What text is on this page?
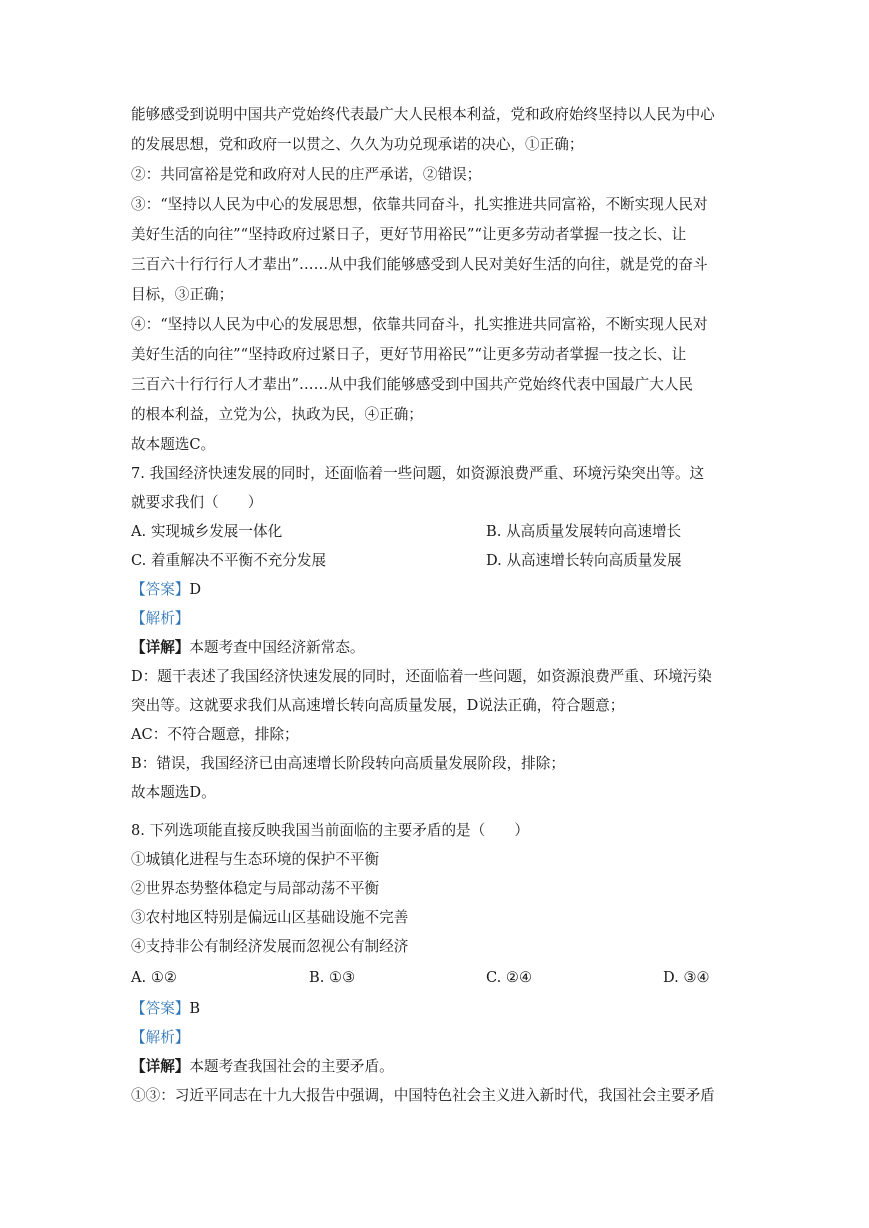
能够感受到说明中国共产党始终代表最广大人民根本利益，党和政府始终坚持以人民为中心
的发展思想，党和政府一以贯之、久久为功兑现承诺的决心，①正确；
②：共同富裕是党和政府对人民的庄严承诺，②错误；
③：“坚持以人民为中心的发展思想，依靠共同奋斗，扎实推进共同富裕，不断实现人民对
美好生活的向往”“坚持政府过紧日子，更好节用裕民”“让更多劳动者掌握一技之长、让
三百六十行行行人才辈出”……从中我们能够感受到人民对美好生活的向往，就是党的奋斗
目标，③正确；
④：“坚持以人民为中心的发展思想，依靠共同奋斗，扎实推进共同富裕，不断实现人民对
美好生活的向往”“坚持政府过紧日子，更好节用裕民”“让更多劳动者掌握一技之长、让
三百六十行行行人才辈出”……从中我们能够感受到中国共产党始终代表中国最广大人民
的根本利益，立党为公，执政为民，④正确；
故本题选C。
7. 我国经济快速发展的同时，还面临着一些问题，如资源浪费严重、环境污染突出等。这
就要求我们（　　）
A. 实现城乡发展一体化	B. 从高质量发展转向高速增长
C. 着重解决不平衡不充分发展	D. 从高速增长转向高质量发展
【答案】D
【解析】
【详解】本题考查中国经济新常态。
D：题干表述了我国经济快速发展的同时，还面临着一些问题，如资源浪费严重、环境污染
突出等。这就要求我们从高速增长转向高质量发展，D说法正确，符合题意；
AC：不符合题意，排除；
B：错误，我国经济已由高速增长阶段转向高质量发展阶段，排除；
故本题选D。
8. 下列选项能直接反映我国当前面临的主要矛盾的是（　　）
①城镇化进程与生态环境的保护不平衡
②世界态势整体稳定与局部动荡不平衡
③农村地区特别是偏远山区基础设施不完善
④支持非公有制经济发展而忽视公有制经济
A. ①②	B. ①③	C. ②④	D. ③④
【答案】B
【解析】
【详解】本题考查我国社会的主要矛盾。
①③：习近平同志在十九大报告中强调，中国特色社会主义进入新时代，我国社会主要矛盾
